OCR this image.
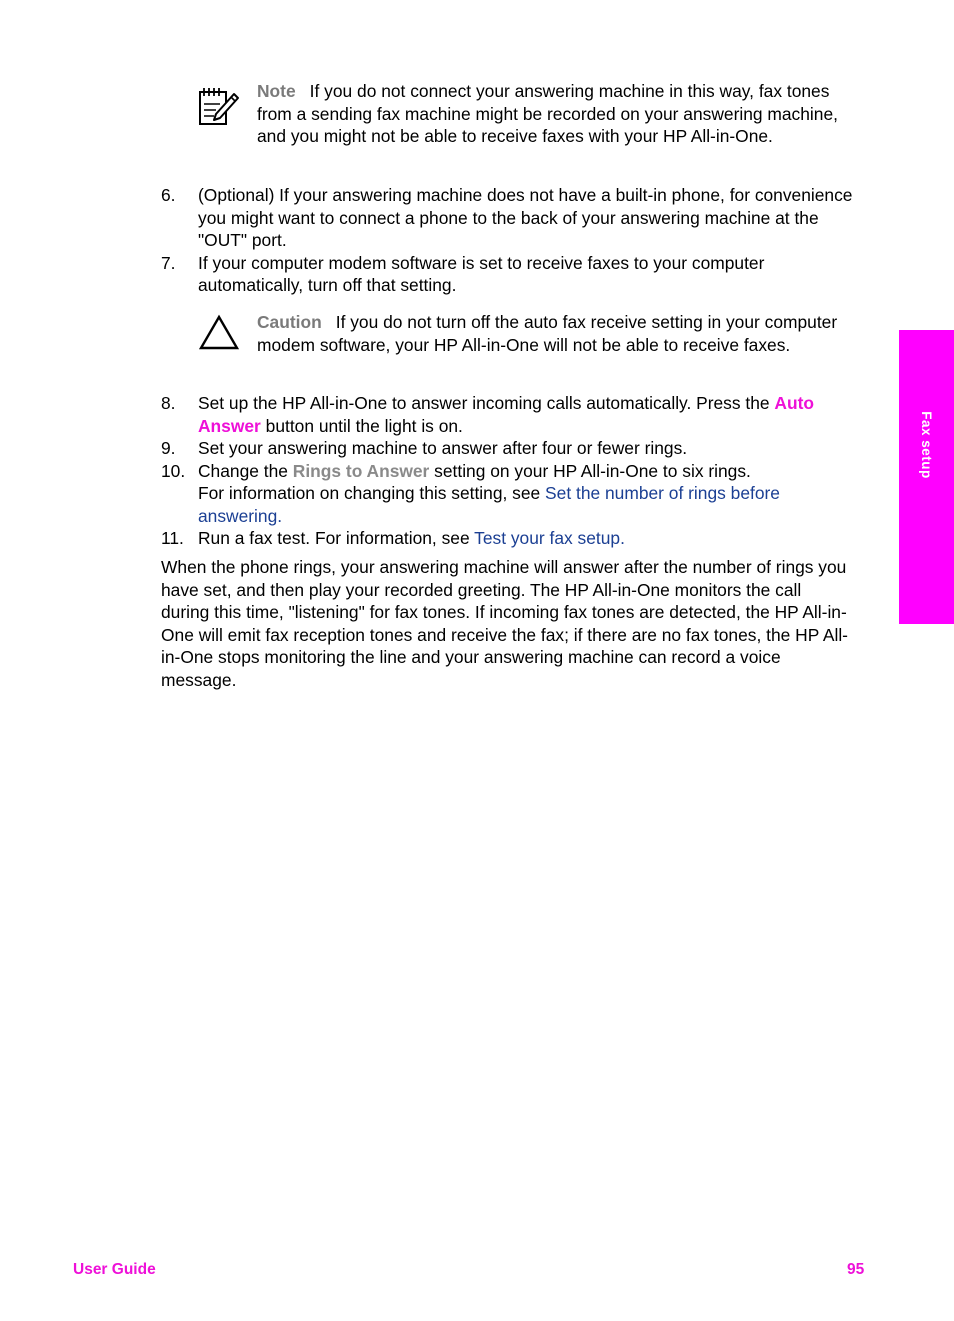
Note If you do not connect your answering machine in this way, fax tones from a sending fax machine might be recorded on your answering machine, and you might not be able to receive faxes with your HP All-in-One.
6.	(Optional) If your answering machine does not have a built-in phone, for convenience you might want to connect a phone to the back of your answering machine at the "OUT" port.
7.	If your computer modem software is set to receive faxes to your computer automatically, turn off that setting.
Caution If you do not turn off the auto fax receive setting in your computer modem software, your HP All-in-One will not be able to receive faxes.
8.	Set up the HP All-in-One to answer incoming calls automatically. Press the Auto Answer button until the light is on.
9.	Set your answering machine to answer after four or fewer rings.
10. Change the Rings to Answer setting on your HP All-in-One to six rings.
For information on changing this setting, see Set the number of rings before answering.
11. Run a fax test. For information, see Test your fax setup.
When the phone rings, your answering machine will answer after the number of rings you have set, and then play your recorded greeting. The HP All-in-One monitors the call during this time, "listening" for fax tones. If incoming fax tones are detected, the HP All-in-One will emit fax reception tones and receive the fax; if there are no fax tones, the HP All-in-One stops monitoring the line and your answering machine can record a voice message.
Fax setup
User Guide	95
